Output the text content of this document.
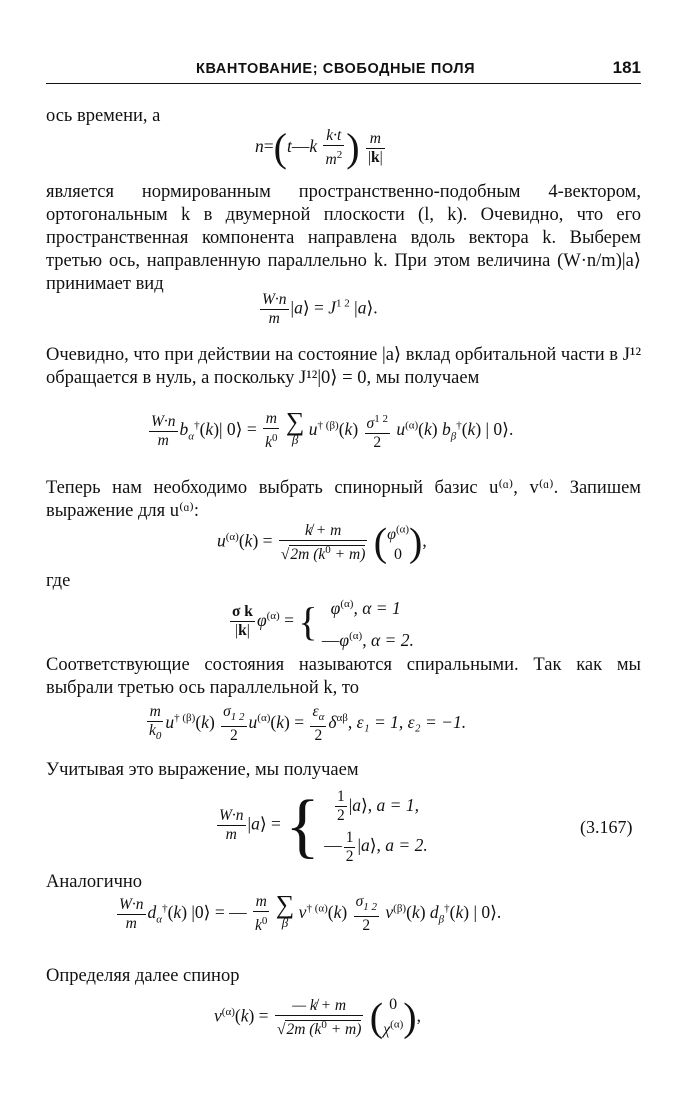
КВАНТОВАНИЕ; СВОБОДНЫЕ ПОЛЯ	181
ось времени, а
n=(t—k $\frac{k\cdot t}{m^2}$ ) $\frac{m}{|k|}$
является нормированным пространственно-подобным 4-вектором, ортогональным k в двумерной плоскости (l, k). Очевидно, что его пространственная компонента направлена вдоль вектора k. Выберем третью ось, направленную параллельно k. При этом величина (W·n/m)|a⟩ принимает вид
$\frac{W\cdot n}{m}$ |a⟩ = $J^{1 2}$ |a⟩.
Очевидно, что при действии на состояние |a⟩ вклад орбитальной части в J¹² обращается в нуль, а поскольку J¹²|0⟩ = 0, мы получаем
$\frac{W\cdot n}{m} b_\alpha^\dagger(k)|$ 0⟩ = $\frac{m}{k^0}$
∑
β
$u^{\dagger (\beta)}(k) \frac{\sigma^{1 2}}{2} u^{(\alpha)}(k)$ $b_\beta^\dagger(k)$ | 0⟩.
Теперь нам необходимо выбрать спинорный базис u⁽ᵅ⁾, v⁽ᵅ⁾. Запишем выражение для u⁽ᵅ⁾:
$u^{(\alpha)}(k) = \frac{k̸ + m}{√2m (k^0 + m)} (\varphi^{(\alpha)}$
0 ),
где
$\frac{\text{σ k}}{|k|} \varphi^{(\alpha)}$ = {   $\varphi^{(\alpha)}$, α = 1
$—\varphi^{(\alpha)}$, α = 2.
Соответствующие состояния называются спиральными. Так как мы выбрали третью ось параллельной k, то
$\frac{m}{k_0} u^{\dagger (\beta)}(k) \frac{\sigma_{1 2}}{2} u^{(\alpha)}(k) = \frac{\varepsilon_\alpha}{2} \delta^{\alpha\beta}$, ε₁ = 1, ε₂ = −1.
Учитывая это выражение, мы получаем
$\frac{W\cdot n}{m}$ |a⟩ = { $\frac{1}{2}$ |a⟩, a = 1,
— $\frac{1}{2}$ |a⟩, a = 2.
(3.167)
Аналогично
$\frac{W\cdot n}{m} d_\alpha^\dagger(k)$ |0⟩ = — $\frac{m}{k^0}$
∑
β
$v^{\dagger (\alpha)}(k) \frac{\sigma_{1 2}}{2} v^{(\beta)}(k)$ $d_\beta^\dagger(k)$ | 0⟩.
Определяя далее спинор
$v^{(\alpha)}(k) = \frac{— k̸ + m}{√2m (k^0 + m)}$ ( 0
$\chi^{(\alpha)}$),
